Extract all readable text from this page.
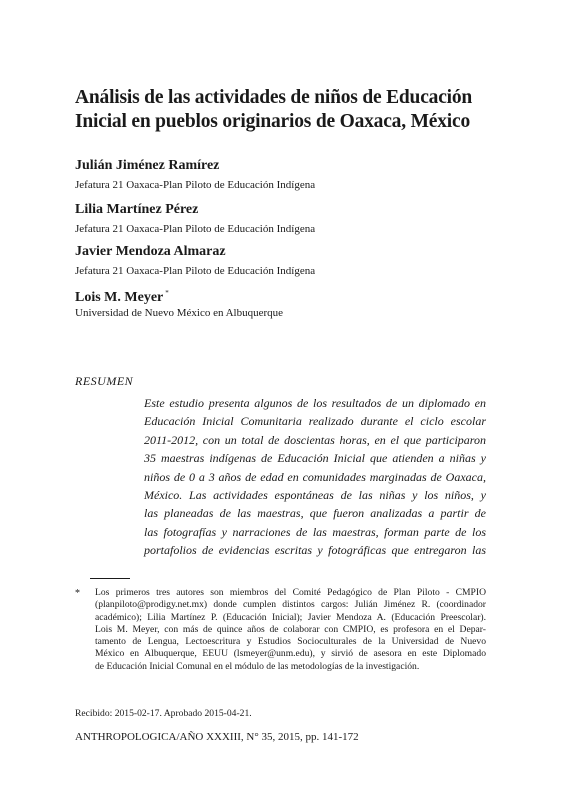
Análisis de las actividades de niños de Educación
Inicial en pueblos originarios de Oaxaca, México

Julián Jiménez Ramírez

Jefatura 21 Oaxaca-Plan Piloto de Educación Indígena

Lilia Martínez Pérez

Jefatura 21 Oaxaca-Plan Piloto de Educación Indígena

Javier Mendoza Almaraz

Jefatura 21 Oaxaca-Plan Piloto de Educación Indígena

Lois M. Meyer *

Universidad de Nuevo México en Albuquerque

RESUMEN

Este estudio presenta algunos de los resultados de un diplomado en
Educación Inicial Comunitaria realizado durante el ciclo escolar
2011-2012, con un total de doscientas horas, en el que participaron
35 maestras indígenas de Educación Inicial que atienden a niñas y
niños de 0 a 3 años de edad en comunidades marginadas de Oaxaca,
México. Las actividades espontáneas de las niñas y los niños, y
las planeadas de las maestras, que fueron analizadas a partir de
las fotografías y narraciones de las maestras, forman parte de los
portafolios de evidencias escritas y fotográficas que entregaron las
* Los primeros tres autores son miembros del Comité Pedagógico de Plan Piloto - CMPIO
(planpiloto@prodigy.net.mx) donde cumplen distintos cargos: Julián Jiménez R. (coordinador
académico); Lilia Martínez P. (Educación Inicial); Javier Mendoza A. (Educación Preescolar).
Lois M. Meyer, con más de quince años de colaborar con CMPIO, es profesora en el Depar-
tamento de Lengua, Lectoescritura y Estudios Socioculturales de la Universidad de Nuevo
México en Albuquerque, EEUU (lsmeyer@unm.edu), y sirvió de asesora en este Diplomado
de Educación Inicial Comunal en el módulo de las metodologías de la investigación.

Recibido: 2015-02-17. Aprobado 2015-04-21.

ANTHROPOLOGICA/AÑO XXXIII, N° 35, 2015, pp. 141-172
